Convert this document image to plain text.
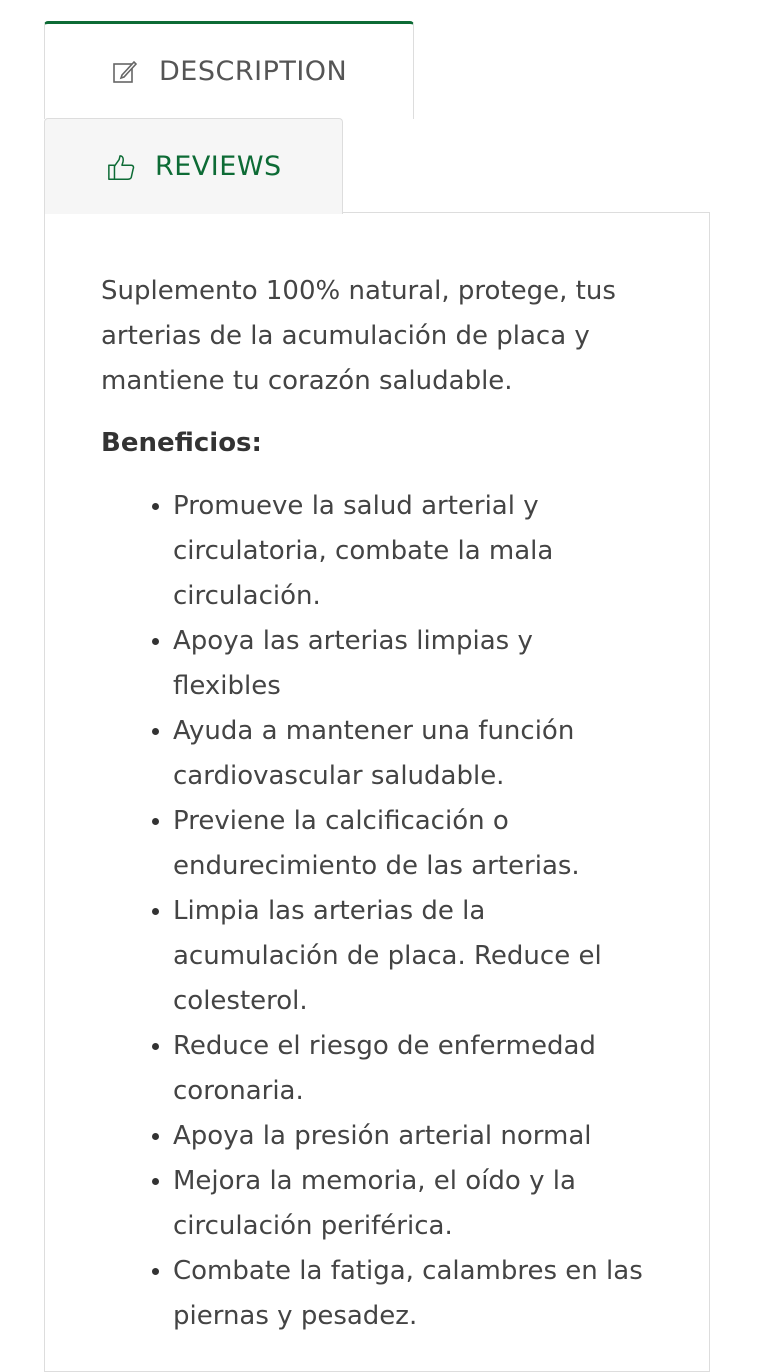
DESCRIPTION
REVIEWS

Suplemento 100% natural, protege, tus arterias de la acumulación de placa y mantiene tu corazón saludable.

Beneficios:

Promueve la salud arterial y circulatoria, combate la mala circulación.
Apoya las arterias limpias y flexibles
Ayuda a mantener una función cardiovascular saludable.
Previene la calcificación o endurecimiento de las arterias.
Limpia las arterias de la acumulación de placa. Reduce el colesterol.
Reduce el riesgo de enfermedad coronaria.
Apoya la presión arterial normal
Mejora la memoria, el oído y la circulación periférica.
Combate la fatiga, calambres en las piernas y pesadez.
